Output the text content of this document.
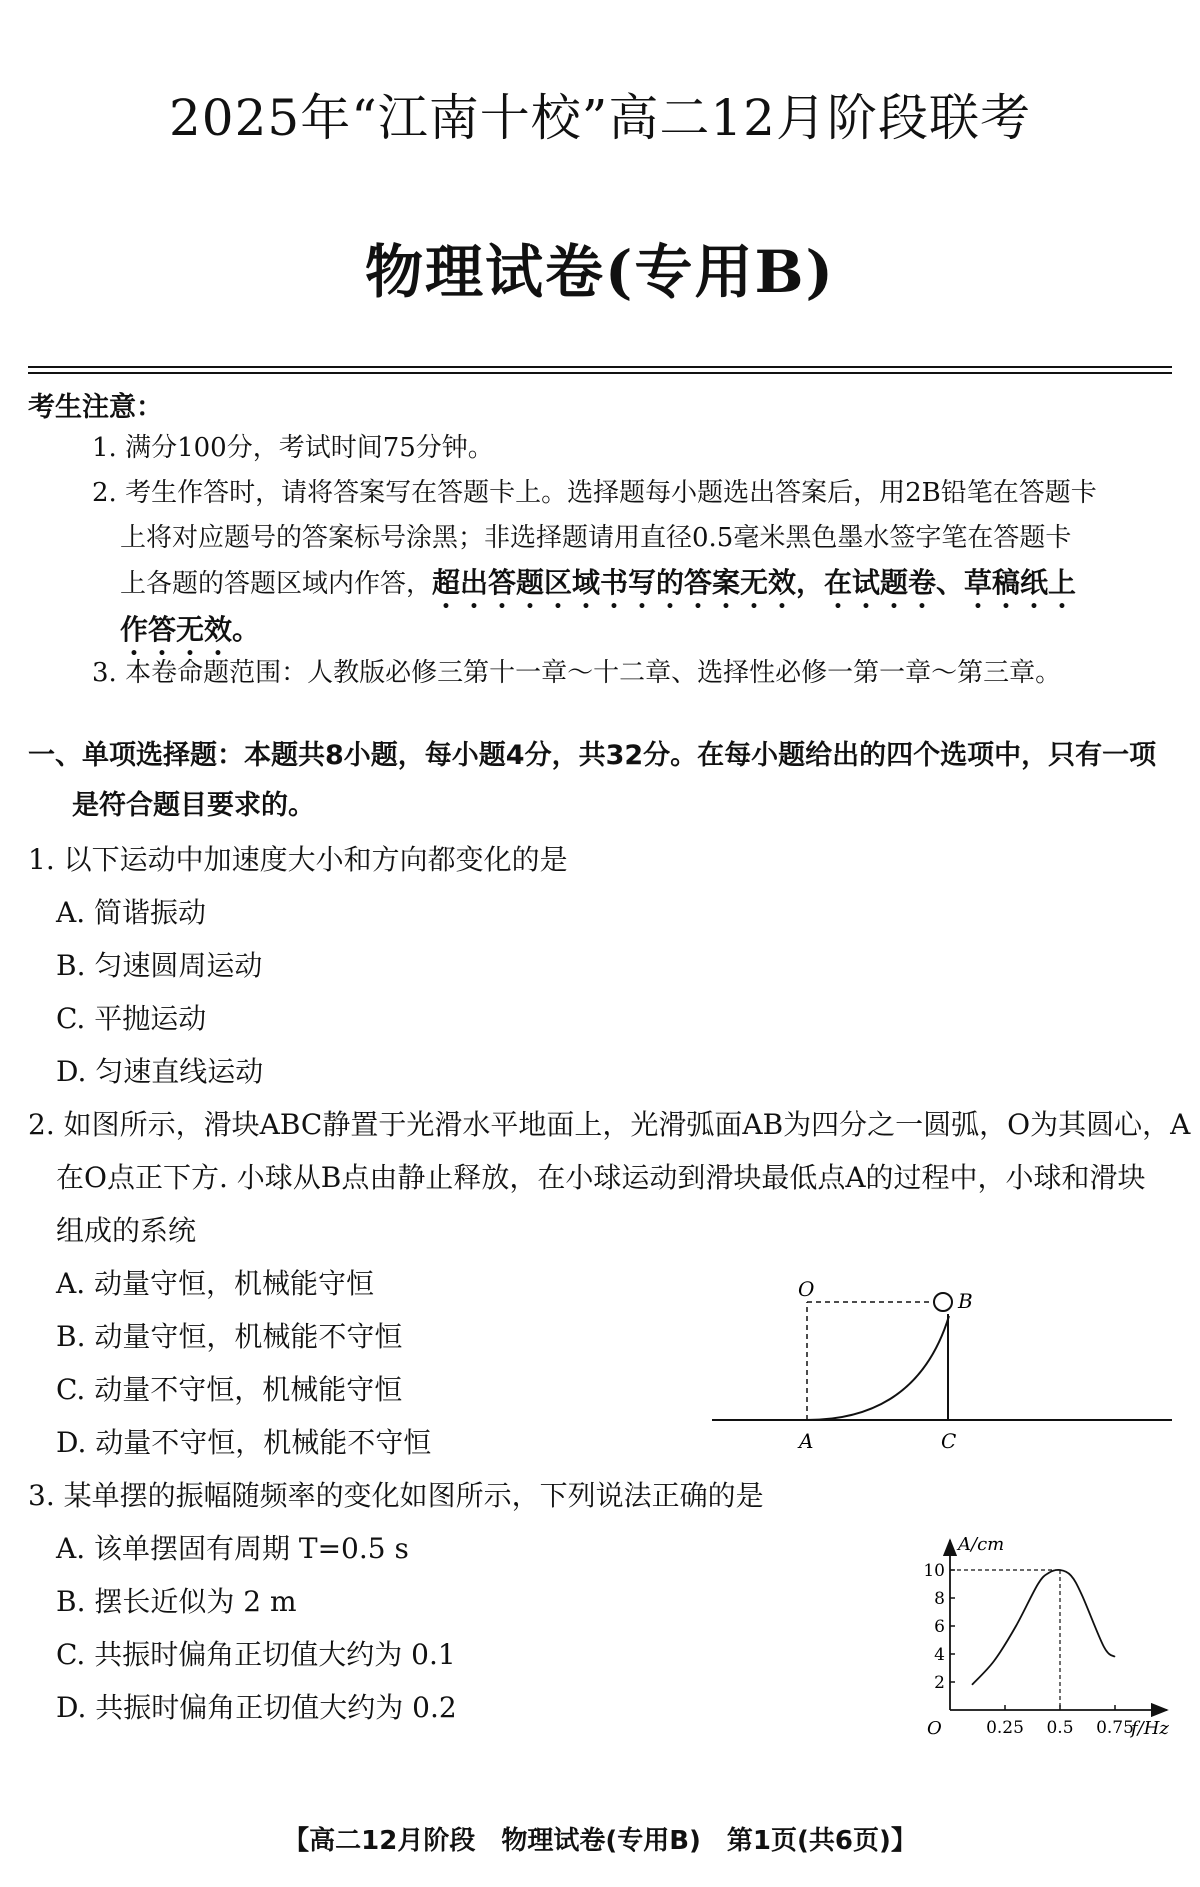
2025年“江南十校”高二12月阶段联考
物理试卷(专用B)
考生注意：
1. 满分100分，考试时间75分钟。
2. 考生作答时，请将答案写在答题卡上。选择题每小题选出答案后，用2B铅笔在答题卡
上将对应题号的答案标号涂黑；非选择题请用直径0.5毫米黑色墨水签字笔在答题卡
上各题的答题区域内作答，超出答题区域书写的答案无效，在试题卷、草稿纸上
作答无效。
3. 本卷命题范围：人教版必修三第十一章～十二章、选择性必修一第一章～第三章。
一、单项选择题：本题共8小题，每小题4分，共32分。在每小题给出的四个选项中，只有一项
是符合题目要求的。
1. 以下运动中加速度大小和方向都变化的是
A. 简谐振动
B. 匀速圆周运动
C. 平抛运动
D. 匀速直线运动
2. 如图所示，滑块ABC静置于光滑水平地面上，光滑弧面AB为四分之一圆弧，O为其圆心，A
在O点正下方. 小球从B点由静止释放，在小球运动到滑块最低点A的过程中，小球和滑块
组成的系统
A. 动量守恒，机械能守恒
B. 动量守恒，机械能不守恒
C. 动量不守恒，机械能守恒
D. 动量不守恒，机械能不守恒
O	B
A	C
3. 某单摆的振幅随频率的变化如图所示，下列说法正确的是
A. 该单摆固有周期 T=0.5 s
B. 摆长近似为 2 m
C. 共振时偏角正切值大约为 0.1
D. 共振时偏角正切值大约为 0.2
A/cm
f/Hz
O
2
4
6
8
10
0.25 0.5 0.75
【高二12月阶段　物理试卷(专用B)　第1页(共6页)】
